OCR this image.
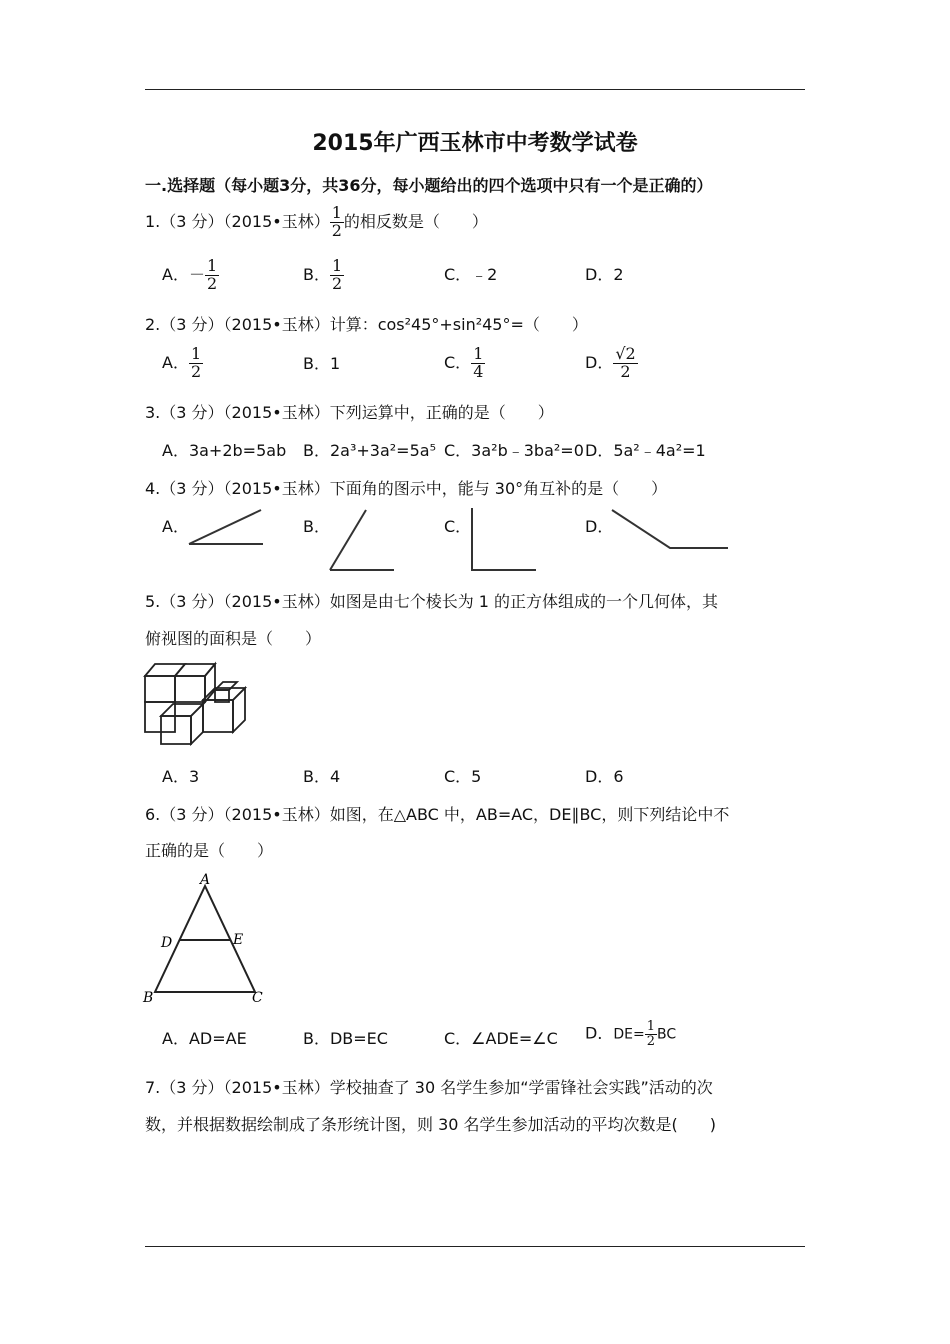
2015年广西玉林市中考数学试卷
一.选择题（每小题3分，共36分，每小题给出的四个选项中只有一个是正确的）
1.（3 分）（2015•玉林） $\frac{1}{2}$ 的相反数是（　　）
A．－ $\frac{1}{2}$	B． $\frac{1}{2}$	C．﹣2	D．2
2.（3 分）（2015•玉林）计算：cos²45°+sin²45°=（　　）
A． $\frac{1}{2}$	B．1	C． $\frac{1}{4}$	D． $\frac{√2}{2}$
3.（3 分）（2015•玉林）下列运算中，正确的是（　　）
A．3a+2b=5ab B．2a³+3a²=5a⁵ C．3a²b﹣3ba²=0 D．5a²﹣4a²=1
4.（3 分）（2015•玉林）下面角的图示中，能与 30°角互补的是（　　）
A．	B．	C．	D．
5.（3 分）（2015•玉林）如图是由七个棱长为 1 的正方体组成的一个几何体，其
俯视图的面积是（　　）
A．3	B．4	C．5	D．6
6.（3 分）（2015•玉林）如图，在△ABC 中，AB=AC，DE∥BC，则下列结论中不
正确的是（　　）
A
D	E
B	C
A．AD=AE	B．DB=EC	C．∠ADE=∠C D．$DE= \frac{1}{2}$ BC
7.（3 分）（2015•玉林）学校抽查了 30 名学生参加“学雷锋社会实践”活动的次
数，并根据数据绘制成了条形统计图，则 30 名学生参加活动的平均次数是(　　)
